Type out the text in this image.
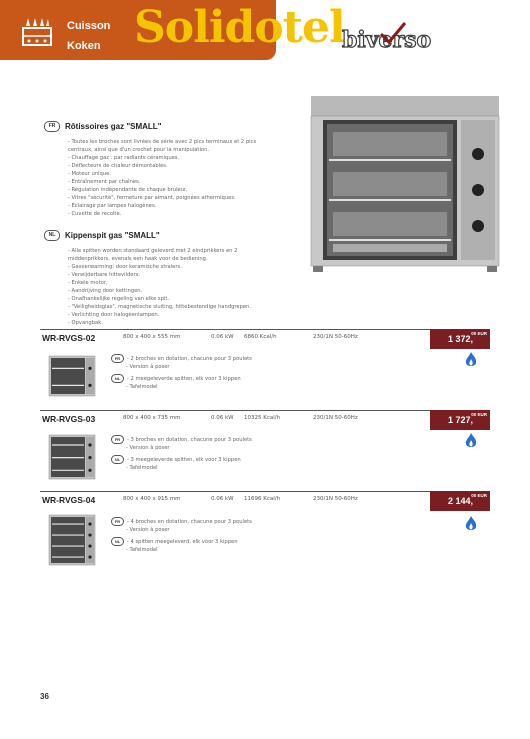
Cuisson
Koken Solidotel
biverso
FR Rôtissoires gaz "SMALL"
- Toutes les broches sont livrées de série avec 2 pics terminaux et 2 pics
centraux, ainsi que d'un crochet pour la manipulation.
- Chauffage gaz : par radiants céramiques.
- Déflecteurs de chaleur démontables.
- Moteur unique.
- Entraînement par chaînes.
- Régulation indépendante de chaque bruleur.
- Vitres "sécurité", fermeture par aimant, poignées athermiques.
- Eclairage par lampes halogènes.
- Cuvette de recolte.
NL Kippenspit gas "SMALL"
- Alle spitten worden standaard geleverd met 2 eindprikkers en 2
middenprikkers, evenals een haak voor de bediening.
- Gasverwarming: door keramische stralers.
- Verwijderbare hittevilders.
- Enkele motor.
- Aandrijving door kettingen.
- Onafhankelijke regeling van elke spit.
- "Veiligheidsglas", magnetische sluiting, hittebestendige handgrepen.
- Verlichting door halogeenlampen.
- Opvangbak.
WR-RVGS-02	800 x 400 x 555 mm	0.06 kW 6860 Kcal/h	230/1N 50-60Hz	1 372,
00 EUR
FR - 2 broches en dotation, chacune pour 3 poulets
- Version à poser
NL - 2 meegeleverde spitten, elk voor 3 kippen
- Tafelmodel
WR-RVGS-03	800 x 400 x 735 mm	0.06 kW 10325 Kcal/h	230/1N 50-60Hz	1 727,
00 EUR
FR - 3 broches en dotation, chacune pour 3 poulets
- Version à poser
NL - 3 meegeleverde spitten, elk voor 3 kippen
- Tafelmodel
WR-RVGS-04	800 x 400 x 915 mm	0.06 kW 11696 Kcal/h	230/1N 50-60Hz	2 144,
00 EUR
FR - 4 broches en dotation, chacune pour 3 poulets
- Version à poser
NL - 4 spitten meegeleverd, elk voor 3 kippen
- Tafelmodel
36
